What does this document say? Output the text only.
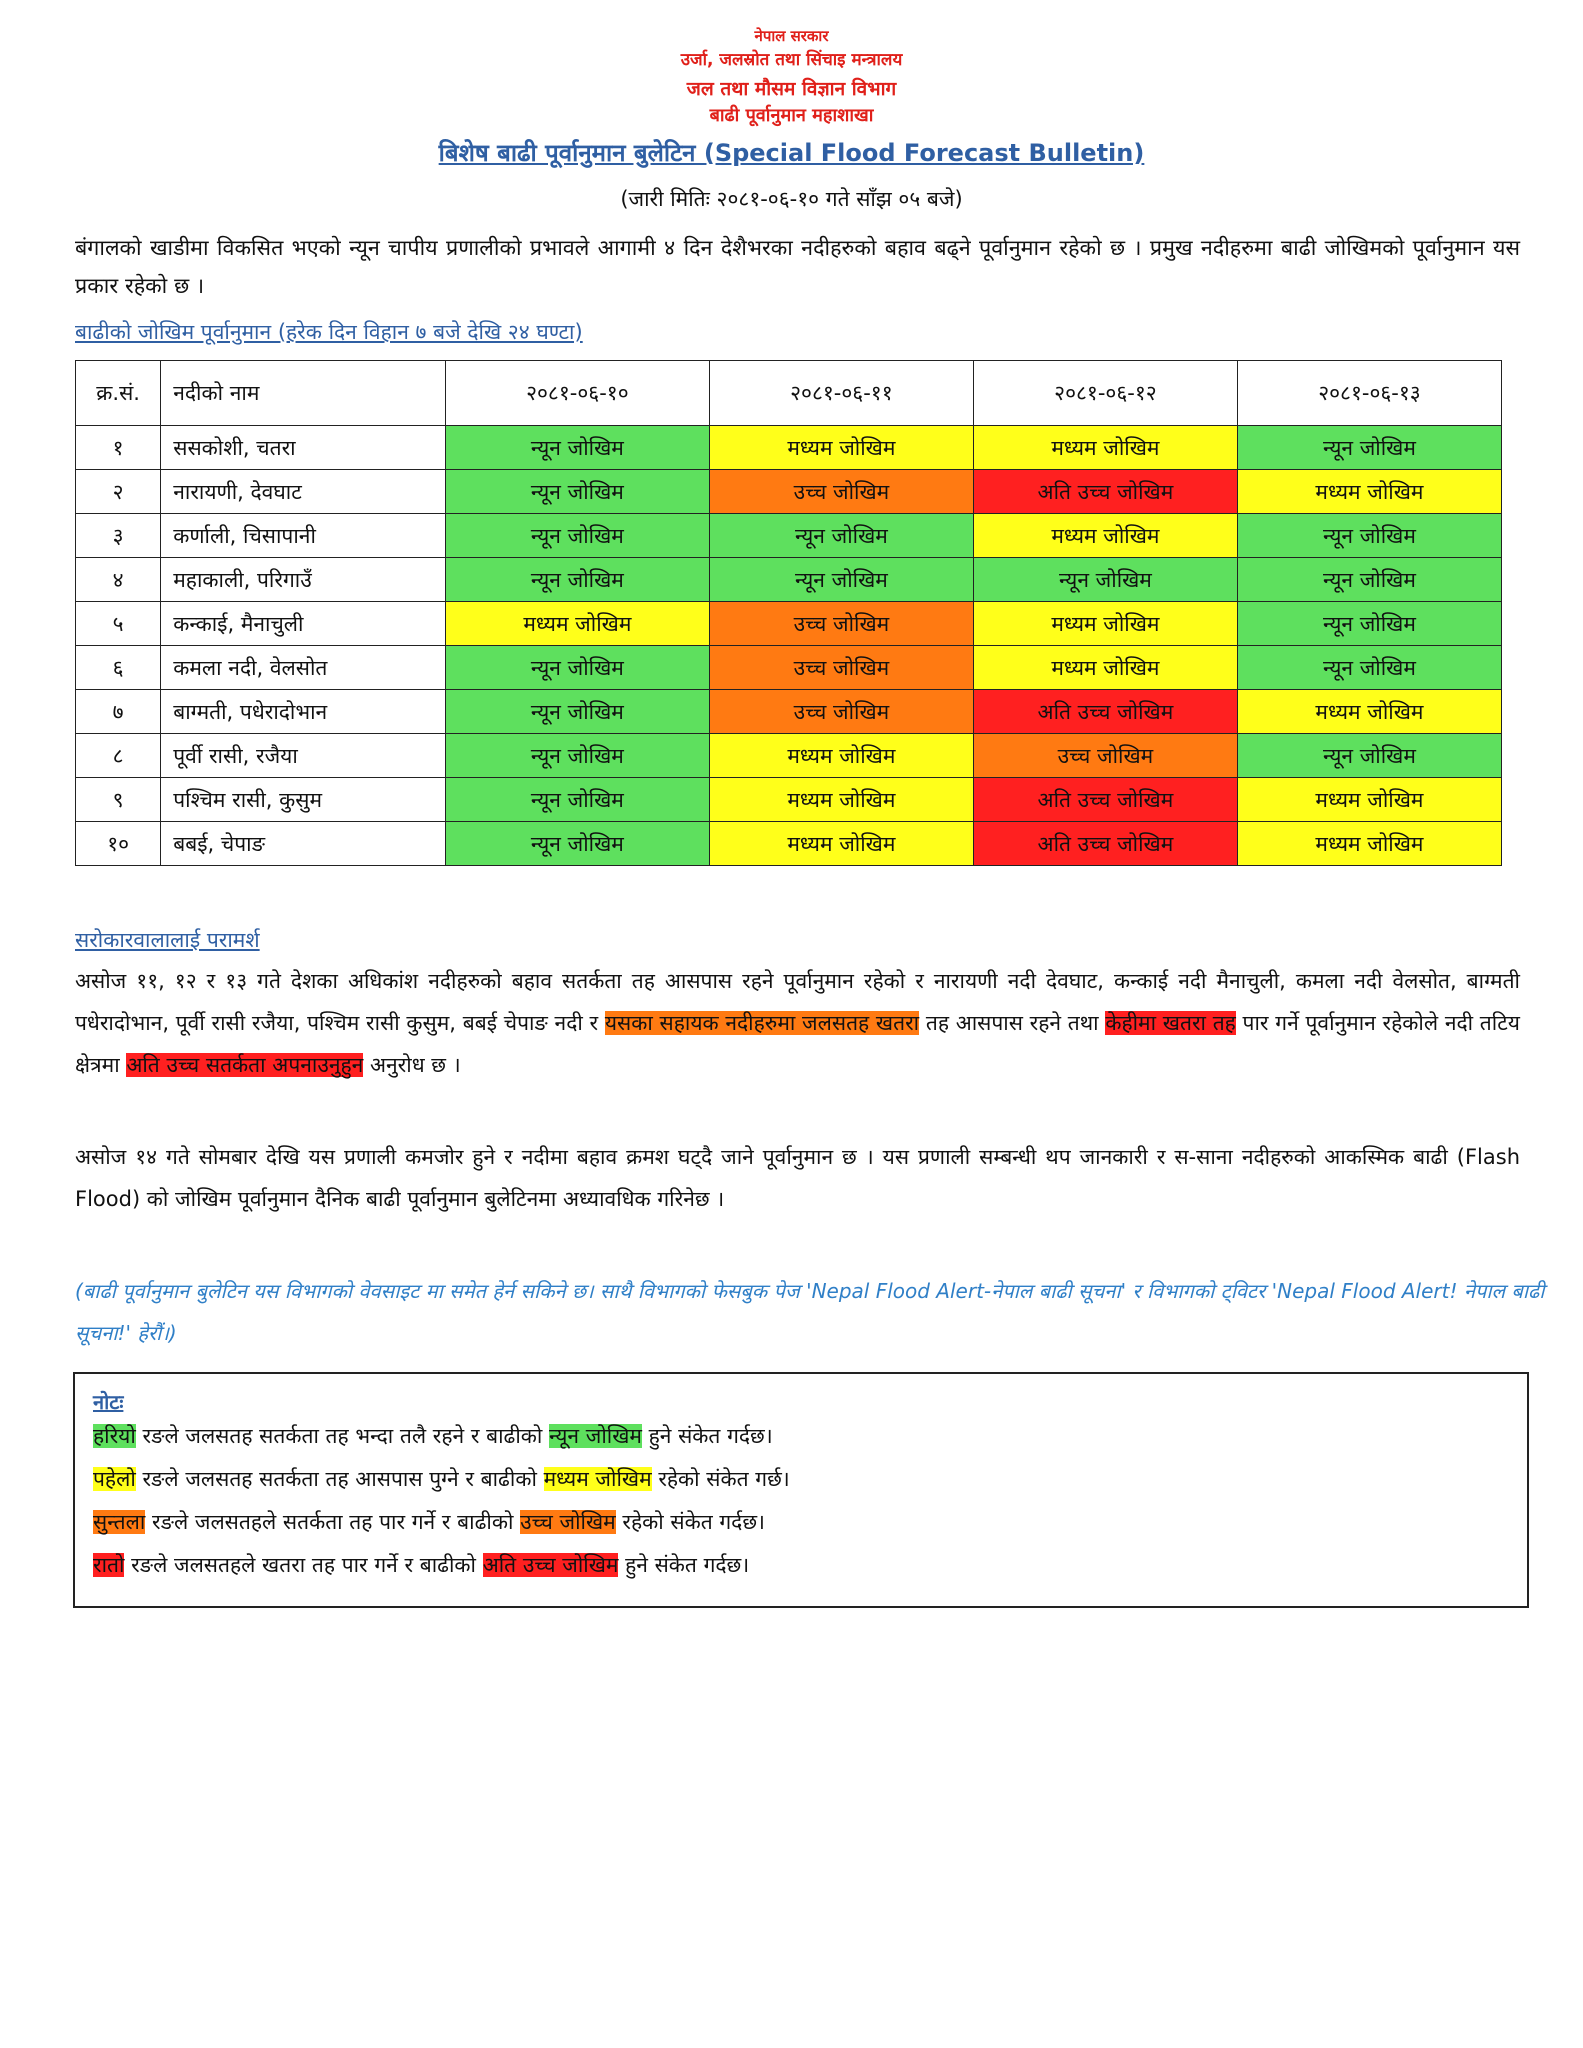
नेपाल सरकार
उर्जा, जलस्रोत तथा सिंचाइ मन्त्रालय
जल तथा मौसम विज्ञान विभाग
बाढी पूर्वानुमान महाशाखा
बिशेष बाढी पूर्वानुमान बुलेटिन (Special Flood Forecast Bulletin)
(जारी मितिः २०८१-०६-१० गते साँझ ०५ बजे)
बंगालको खाडीमा विकसित भएको न्यून चापीय प्रणालीको प्रभावले आगामी ४ दिन देशैभरका नदीहरुको बहाव बढ्ने पूर्वानुमान रहेको छ । प्रमुख नदीहरुमा बाढी जोखिमको पूर्वानुमान यस प्रकार रहेको छ ।
बाढीको जोखिम पूर्वानुमान (हरेक दिन विहान ७ बजे देखि २४ घण्टा)
क्र.सं.	नदीको नाम	२०८१-०६-१०	२०८१-०६-११	२०८१-०६-१२	२०८१-०६-१३
१	ससकोशी, चतरा	न्यून जोखिम	मध्यम जोखिम	मध्यम जोखिम	न्यून जोखिम
२	नारायणी, देवघाट	न्यून जोखिम	उच्च जोखिम	अति उच्च जोखिम	मध्यम जोखिम
३	कर्णाली, चिसापानी	न्यून जोखिम	न्यून जोखिम	मध्यम जोखिम	न्यून जोखिम
४	महाकाली, परिगाउँ	न्यून जोखिम	न्यून जोखिम	न्यून जोखिम	न्यून जोखिम
५	कन्काई, मैनाचुली	मध्यम जोखिम	उच्च जोखिम	मध्यम जोखिम	न्यून जोखिम
६	कमला नदी, वेलसोत	न्यून जोखिम	उच्च जोखिम	मध्यम जोखिम	न्यून जोखिम
७	बाग्मती, पधेरादोभान	न्यून जोखिम	उच्च जोखिम	अति उच्च जोखिम	मध्यम जोखिम
८	पूर्वी रासी, रजैया	न्यून जोखिम	मध्यम जोखिम	उच्च जोखिम	न्यून जोखिम
९	पश्चिम रासी, कुसुम	न्यून जोखिम	मध्यम जोखिम	अति उच्च जोखिम	मध्यम जोखिम
१०	बबई, चेपाङ	न्यून जोखिम	मध्यम जोखिम	अति उच्च जोखिम	मध्यम जोखिम
सरोकारवालालाई परामर्श
असोज ११, १२ र १३ गते देशका अधिकांश नदीहरुको बहाव सतर्कता तह आसपास रहने पूर्वानुमान रहेको र नारायणी नदी देवघाट, कन्काई नदी मैनाचुली, कमला नदी वेलसोत, बाग्मती पधेरादोभान, पूर्वी रासी रजैया, पश्चिम रासी कुसुम, बबई चेपाङ नदी र यसका सहायक नदीहरुमा जलसतह खतरा तह आसपास रहने तथा केहीमा खतरा तह पार गर्ने पूर्वानुमान रहेकोले नदी तटिय क्षेत्रमा अति उच्च सतर्कता अपनाउनुहुन अनुरोध छ ।
असोज १४ गते सोमबार देखि यस प्रणाली कमजोर हुने र नदीमा बहाव क्रमश घट्दै जाने पूर्वानुमान छ । यस प्रणाली सम्बन्धी थप जानकारी र स-साना नदीहरुको आकस्मिक बाढी (Flash Flood) को जोखिम पूर्वानुमान दैनिक बाढी पूर्वानुमान बुलेटिनमा अध्यावधिक गरिनेछ ।
(बाढी पूर्वानुमान बुलेटिन यस विभागको वेवसाइट मा समेत हेर्न सकिने छ। साथै विभागको फेसबुक पेज 'Nepal Flood Alert-नेपाल बाढी सूचना' र विभागको ट्विटर 'Nepal Flood Alert! नेपाल बाढी सूचना!' हेरौं।)
नोटः
हरियो रङले जलसतह सतर्कता तह भन्दा तलै रहने र बाढीको न्यून जोखिम हुने संकेत गर्दछ।
पहेलो रङले जलसतह सतर्कता तह आसपास पुग्ने र बाढीको मध्यम जोखिम रहेको संकेत गर्छ।
सुन्तला रङले जलसतहले सतर्कता तह पार गर्ने र बाढीको उच्च जोखिम रहेको संकेत गर्दछ।
रातो रङले जलसतहले खतरा तह पार गर्ने र बाढीको अति उच्च जोखिम हुने संकेत गर्दछ।
